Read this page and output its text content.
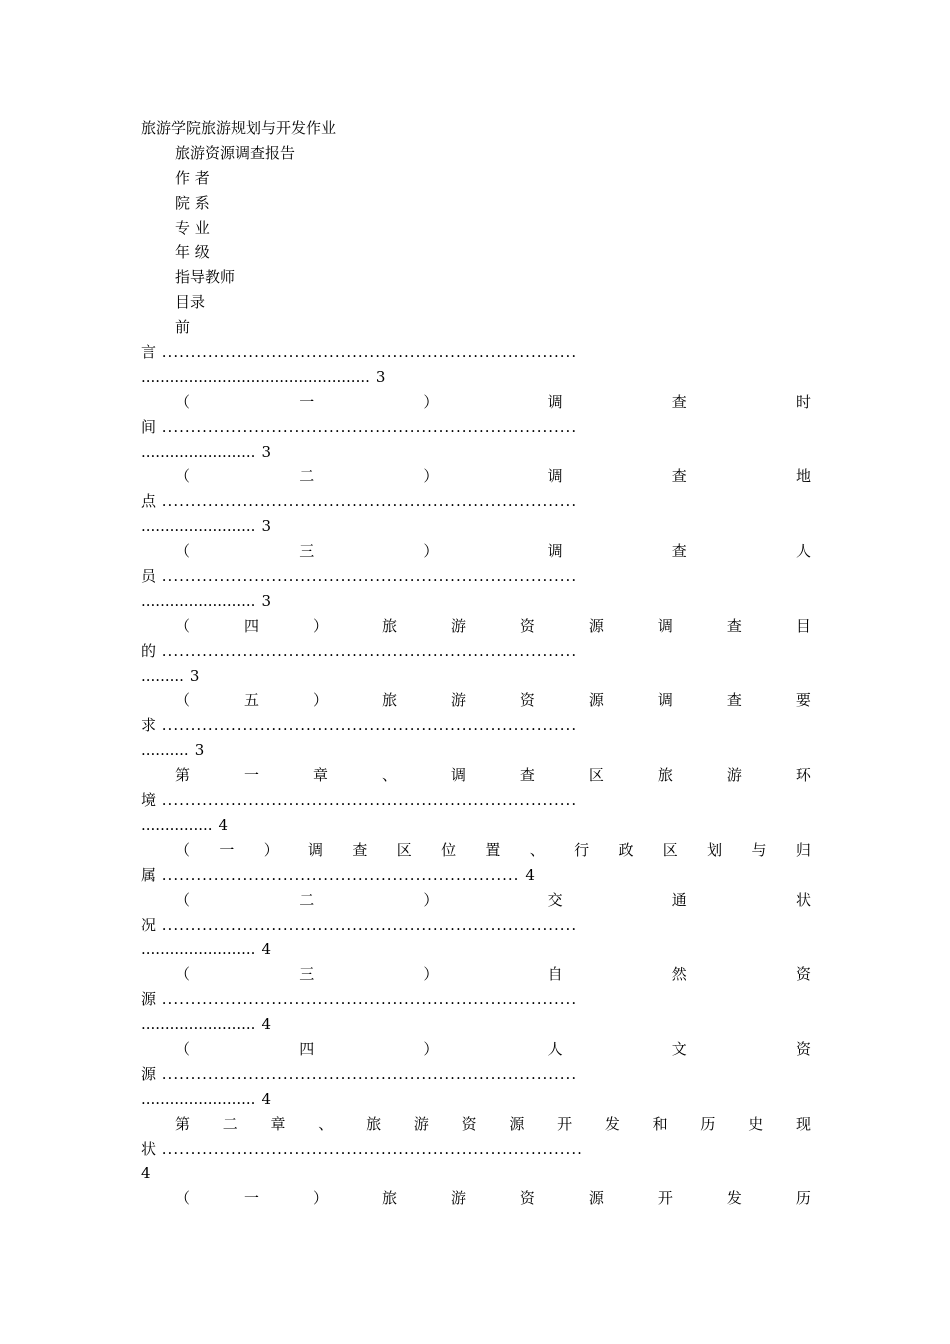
旅游学院旅游规划与开发作业
旅游资源调查报告
作 者
院 系
专 业
年 级
指导教师
目录
前
言 ........................................................................
................................................ 3
（	一	）	调	查	时
间 ........................................................................
........................ 3
（	二	）	调	查	地
点 ........................................................................
........................ 3
（	三	）	调	查	人
员 ........................................................................
........................ 3
（	四	）	旅	游	资	源	调	查	目
的 ........................................................................
......... 3
（	五	）	旅	游	资	源	调	查	要
求 ........................................................................
.......... 3
第	一	章	、	调	查	区	旅	游	环
境 ........................................................................
............... 4
（ 一 ） 调 查 区 位 置 、 行 政 区 划 与 归
属 .............................................................. 4
（	二	）	交	通	状
况 ........................................................................
........................ 4
（	三	）	自	然	资
源 ........................................................................
........................ 4
（	四	）	人	文	资
源 ........................................................................
........................ 4
第 二 章 、 旅 游 资 源 开 发 和 历 史 现
状 .........................................................................
4
（	一	）	旅	游	资	源	开	发	历
